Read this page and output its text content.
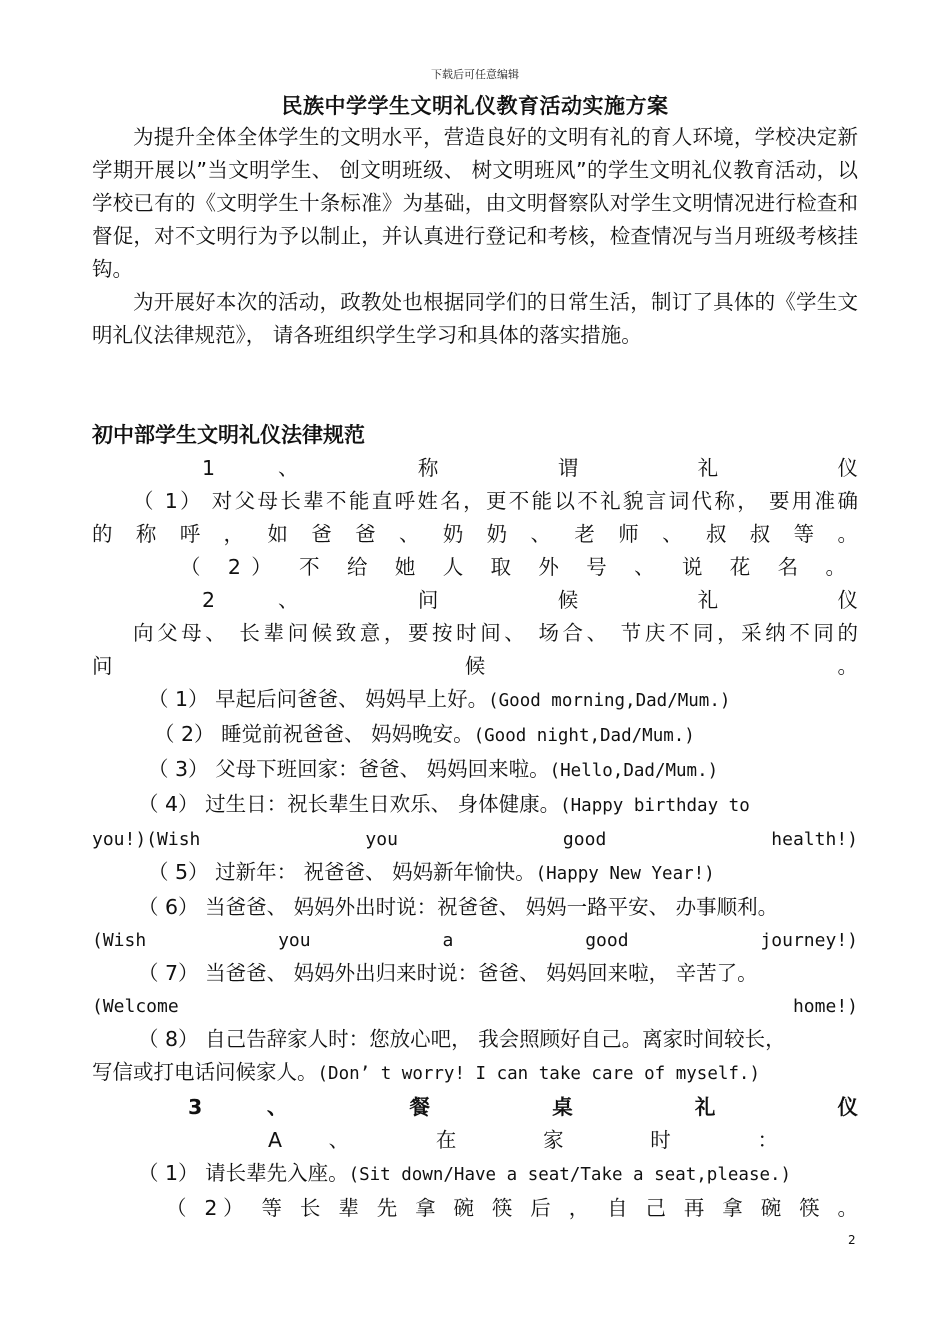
下载后可任意编辑
民族中学学生文明礼仪教育活动实施方案

为提升全体全体学生的文明水平，营造良好的文明有礼的育人环境，学校决定新学期开展以”当文明学生、 创文明班级、 树文明班风”的学生文明礼仪教育活动，以学校已有的《文明学生十条标准》为基础，由文明督察队对学生文明情况进行检查和督促，对不文明行为予以制止，并认真进行登记和考核，检查情况与当月班级考核挂钩。

为开展好本次的活动，政教处也根据同学们的日常生活，制订了具体的《学生文明礼仪法律规范》， 请各班组织学生学习和具体的落实措施。

初中部学生文明礼仪法律规范

1 、 称 谓 礼 仪

（ 1） 对父母长辈不能直呼姓名，更不能以不礼貌言词代称， 要用准确

的 称 呼 ， 如 爸 爸 、 奶 奶 、 老 师 、 叔 叔 等 。

（ 2） 不 给 她 人 取 外 号 、 说 花 名 。

2 、 问 候 礼 仪

向父母、 长辈问候致意，要按时间、 场合、 节庆不同，采纳不同的

问 候 。

（ 1） 早起后问爸爸、 妈妈早上好。(Good morning,Dad/Mum.)

（ 2） 睡觉前祝爸爸、 妈妈晚安。(Good night,Dad/Mum.)

（ 3） 父母下班回家：爸爸、 妈妈回来啦。(Hello,Dad/Mum.)

（ 4） 过生日：祝长辈生日欢乐、 身体健康。(Happy birthday to

you!)(Wish you good health!)

（ 5） 过新年： 祝爸爸、 妈妈新年愉快。(Happy New Year!)

（ 6） 当爸爸、 妈妈外出时说：祝爸爸、 妈妈一路平安、 办事顺利。

(Wish you a good journey!)

（ 7） 当爸爸、 妈妈外出归来时说：爸爸、 妈妈回来啦， 辛苦了。

(Welcome home!)

（ 8） 自己告辞家人时：您放心吧， 我会照顾好自己。离家时间较长，

写信或打电话问候家人。(Don’ t worry! I can take care of myself.)

3 、 餐 桌 礼 仪

A 、 在 家 时 ：

（ 1） 请长辈先入座。(Sit down/Have a seat/Take a seat,please.)

（ 2） 等 长 辈 先 拿 碗 筷 后 ， 自 己 再 拿 碗 筷 。

2
